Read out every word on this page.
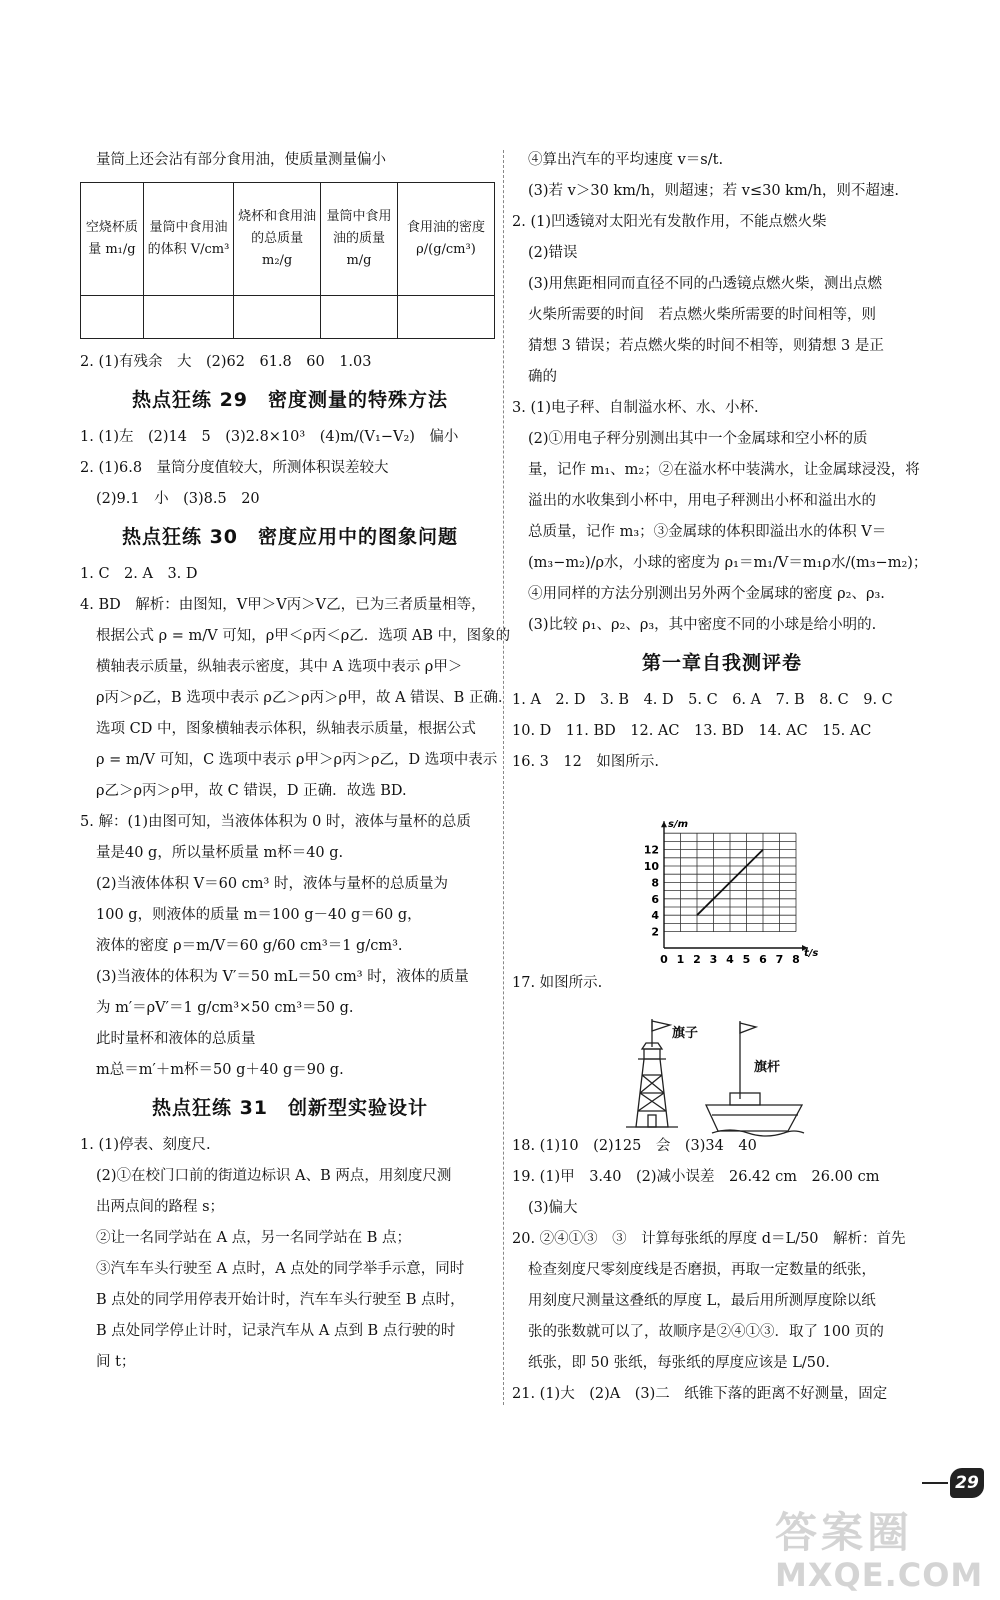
量筒上还会沾有部分食用油，使质量测量偏小

空烧杯质量 m₁/g	量筒中食用油的体积 V/cm³	烧杯和食用油的总质量 m₂/g	量筒中食用油的质量 m/g	食用油的密度 ρ/(g/cm³)

2. (1)有残余　大　(2)62　61.8　60　1.03

热点狂练 29　密度测量的特殊方法

1. (1)左　(2)14　5　(3)2.8×10³　(4)m/(V₁−V₂)　偏小

2. (1)6.8　量筒分度值较大，所测体积误差较大

(2)9.1　小　(3)8.5　20

热点狂练 30　密度应用中的图象问题

1. C　2. A　3. D

4. BD　解析：由图知，V甲＞V丙＞V乙，已为三者质量相等，

根据公式 ρ = m/V 可知，ρ甲＜ρ丙＜ρ乙．选项 AB 中，图象的

横轴表示质量，纵轴表示密度，其中 A 选项中表示 ρ甲＞

ρ丙＞ρ乙，B 选项中表示 ρ乙＞ρ丙＞ρ甲，故 A 错误、B 正确．

选项 CD 中，图象横轴表示体积，纵轴表示质量，根据公式

ρ = m/V 可知，C 选项中表示 ρ甲＞ρ丙＞ρ乙，D 选项中表示

ρ乙＞ρ丙＞ρ甲，故 C 错误，D 正确．故选 BD.

5. 解：(1)由图可知，当液体体积为 0 时，液体与量杯的总质

量是40 g，所以量杯质量 m杯＝40 g.

(2)当液体体积 V＝60 cm³ 时，液体与量杯的总质量为

100 g，则液体的质量 m＝100 g－40 g＝60 g，

液体的密度 ρ＝m/V＝60 g/60 cm³＝1 g/cm³.

(3)当液体的体积为 V′＝50 mL＝50 cm³ 时，液体的质量

为 m′＝ρV′＝1 g/cm³×50 cm³＝50 g.

此时量杯和液体的总质量

m总＝m′＋m杯＝50 g＋40 g＝90 g.

热点狂练 31　创新型实验设计

1. (1)停表、刻度尺.

(2)①在校门口前的街道边标识 A、B 两点，用刻度尺测

出两点间的路程 s；

②让一名同学站在 A 点，另一名同学站在 B 点；

③汽车车头行驶至 A 点时，A 点处的同学举手示意，同时

B 点处的同学用停表开始计时，汽车车头行驶至 B 点时，

B 点处同学停止计时，记录汽车从 A 点到 B 点行驶的时

间 t；

④算出汽车的平均速度 v＝s/t.

(3)若 v＞30 km/h，则超速；若 v≤30 km/h，则不超速.

2. (1)凹透镜对太阳光有发散作用，不能点燃火柴

(2)错误

(3)用焦距相同而直径不同的凸透镜点燃火柴，测出点燃

火柴所需要的时间　若点燃火柴所需要的时间相等，则

猜想 3 错误；若点燃火柴的时间不相等，则猜想 3 是正

确的

3. (1)电子秤、自制溢水杯、水、小杯.

(2)①用电子秤分别测出其中一个金属球和空小杯的质

量，记作 m₁、m₂；②在溢水杯中装满水，让金属球浸没，将

溢出的水收集到小杯中，用电子秤测出小杯和溢出水的

总质量，记作 m₃；③金属球的体积即溢出水的体积 V＝

(m₃−m₂)/ρ水，小球的密度为 ρ₁＝m₁/V＝m₁ρ水/(m₃−m₂)；

④用同样的方法分别测出另外两个金属球的密度 ρ₂、ρ₃.

(3)比较 ρ₁、ρ₂、ρ₃，其中密度不同的小球是给小明的.

第一章自我测评卷

1. A　2. D　3. B　4. D　5. C　6. A　7. B　8. C　9. C

10. D　11. BD　12. AC　13. BD　14. AC　15. AC

16. 3　12　如图所示.

17. 如图所示.

18. (1)10　(2)125　会　(3)34　40

19. (1)甲　3.40　(2)减小误差　26.42 cm　26.00 cm

(3)偏大

20. ②④①③　③　计算每张纸的厚度 d＝L/50　解析：首先

检查刻度尺零刻度线是否磨损，再取一定数量的纸张，

用刻度尺测量这叠纸的厚度 L，最后用所测厚度除以纸

张的张数就可以了，故顺序是②④①③．取了 100 页的

纸张，即 50 张纸，每张纸的厚度应该是 L/50.

21. (1)大　(2)A　(3)二　纸锥下落的距离不好测量，固定

0 1 2 3 4 5 6 7 8
2
4
6
8
10
12
t/s
s/m
旗子
旗杆
29
答案圈
MXQE.COM
